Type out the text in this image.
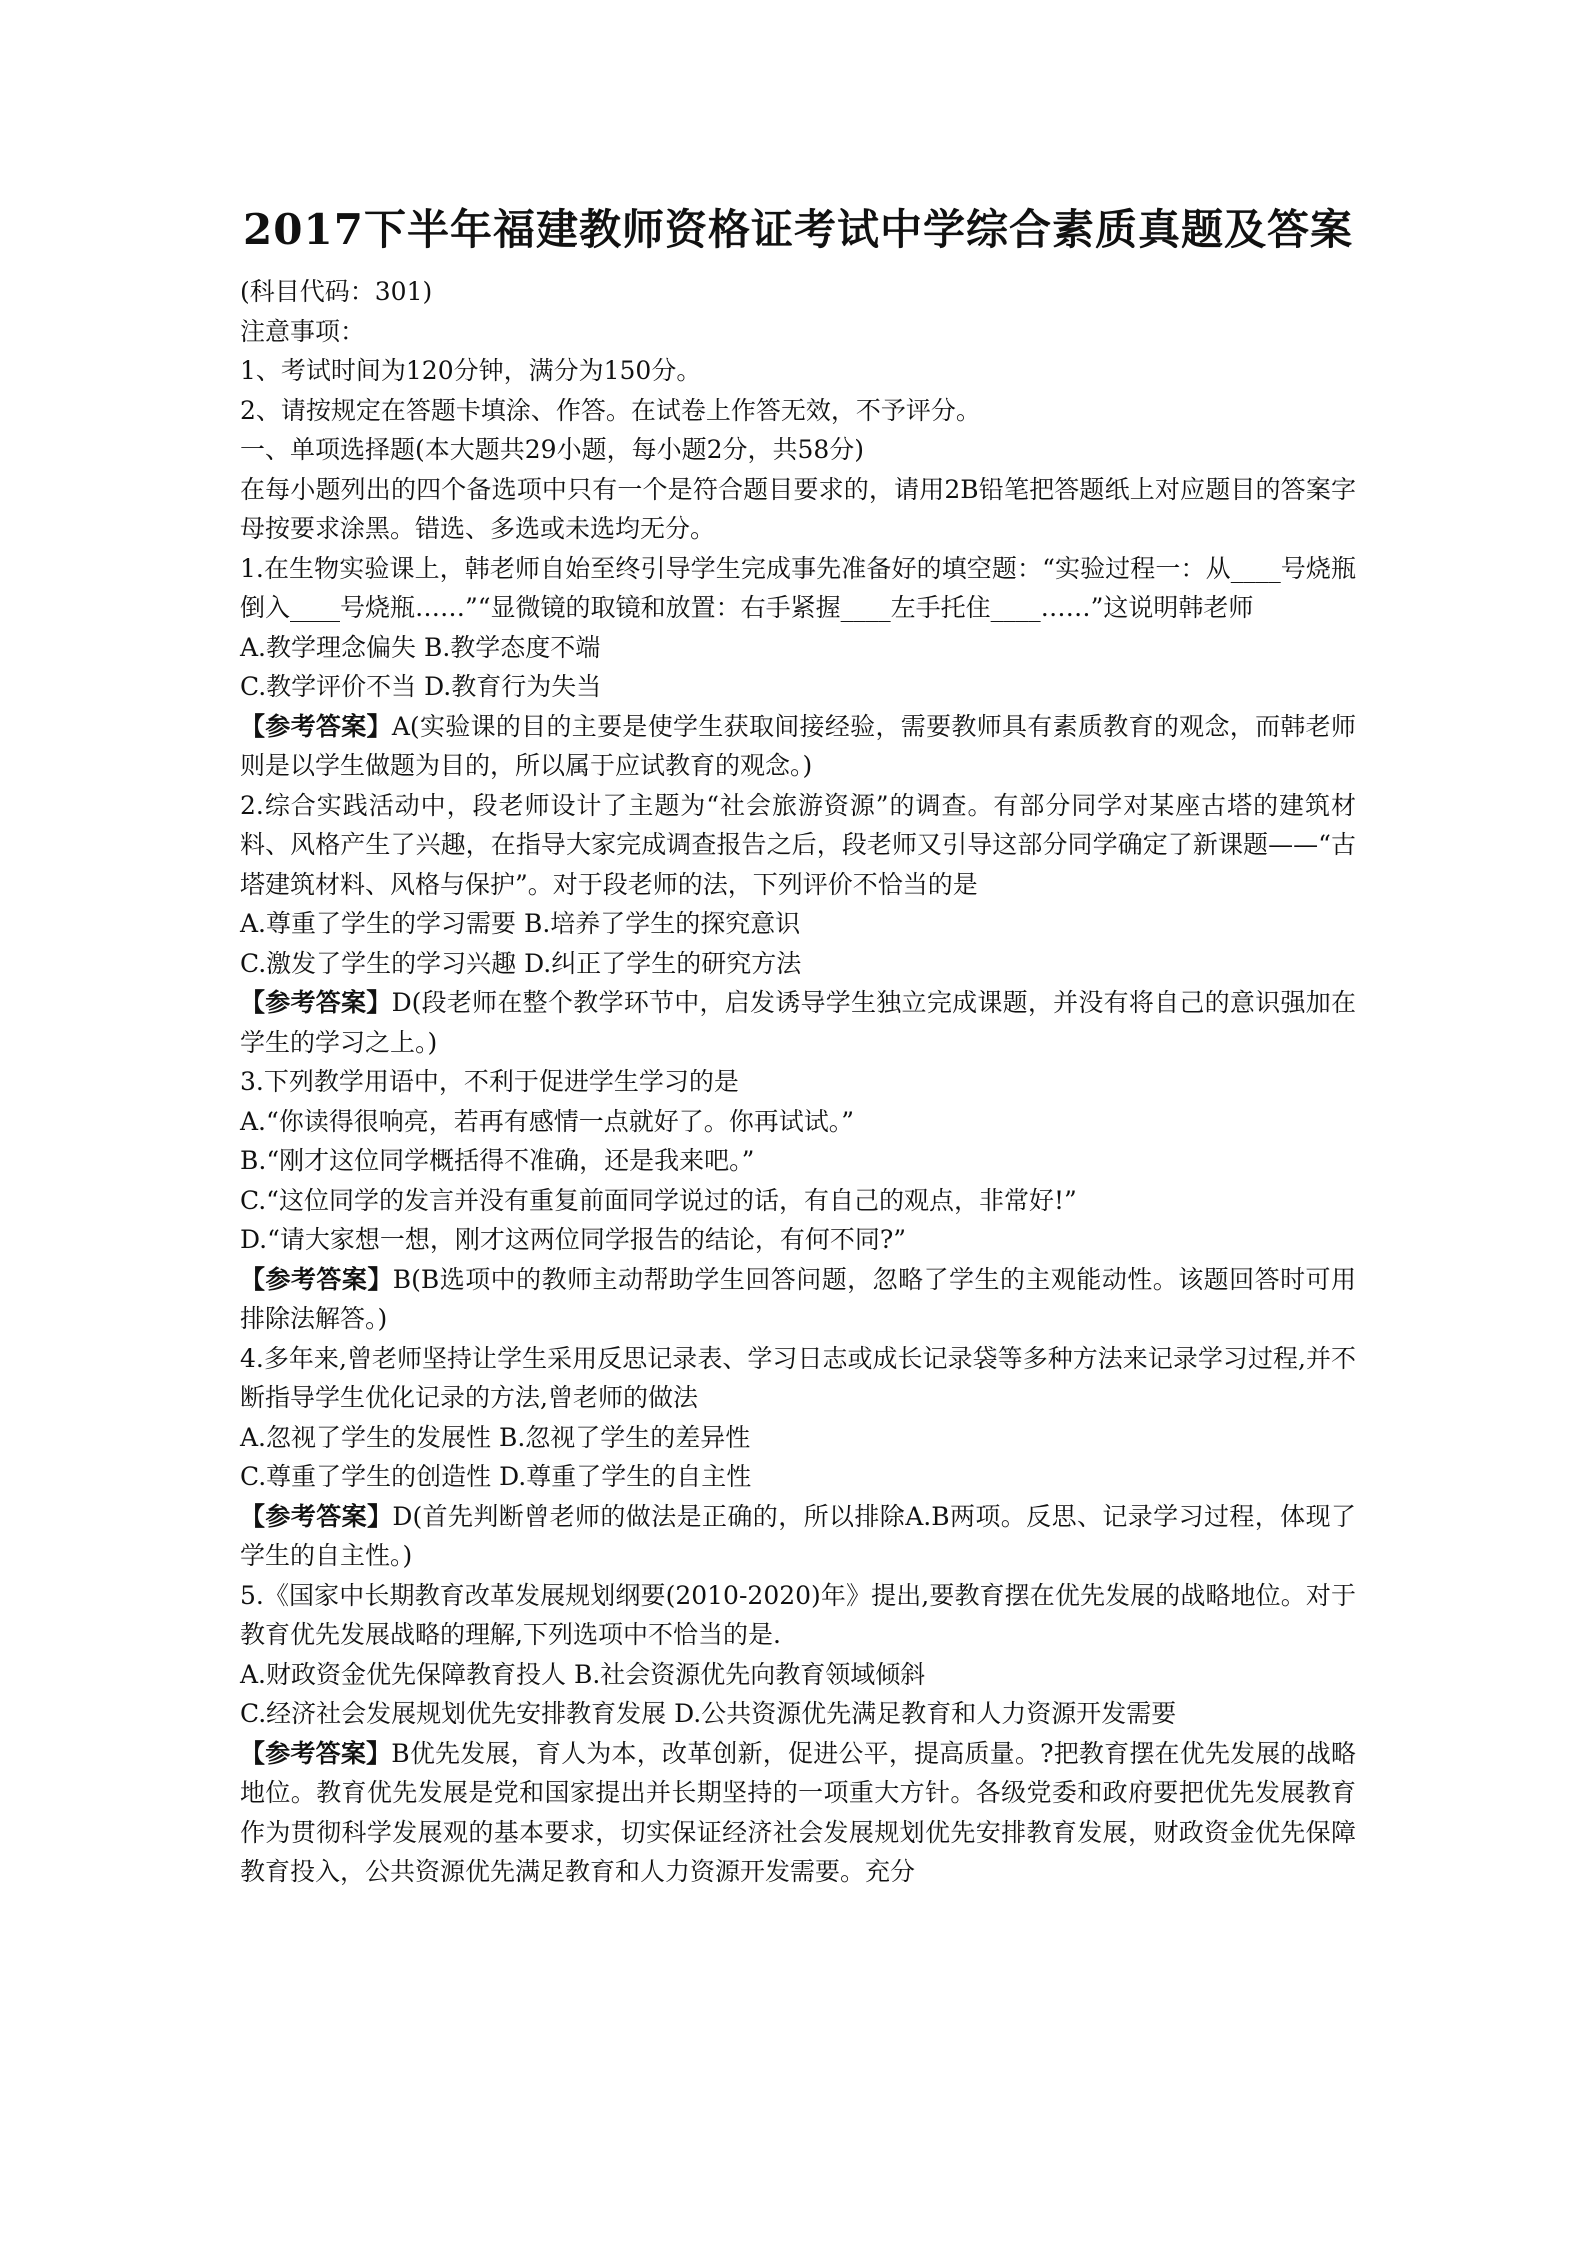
2017下半年福建教师资格证考试中学综合素质真题及答案

(科目代码：301)

注意事项：

1、考试时间为120分钟，满分为150分。

2、请按规定在答题卡填涂、作答。在试卷上作答无效，不予评分。

一、单项选择题(本大题共29小题，每小题2分，共58分)

在每小题列出的四个备选项中只有一个是符合题目要求的，请用2B铅笔把答题纸上对应题目的答案字母按要求涂黑。错选、多选或未选均无分。

1.在生物实验课上，韩老师自始至终引导学生完成事先准备好的填空题：“实验过程一：从____号烧瓶倒入____号烧瓶……”“显微镜的取镜和放置：右手紧握____左手托住____……”这说明韩老师

A.教学理念偏失 B.教学态度不端

C.教学评价不当 D.教育行为失当

【参考答案】A(实验课的目的主要是使学生获取间接经验，需要教师具有素质教育的观念，而韩老师则是以学生做题为目的，所以属于应试教育的观念。)

2.综合实践活动中，段老师设计了主题为“社会旅游资源”的调查。有部分同学对某座古塔的建筑材料、风格产生了兴趣，在指导大家完成调查报告之后，段老师又引导这部分同学确定了新课题——“古塔建筑材料、风格与保护”。对于段老师的法，下列评价不恰当的是

A.尊重了学生的学习需要 B.培养了学生的探究意识

C.激发了学生的学习兴趣 D.纠正了学生的研究方法

【参考答案】D(段老师在整个教学环节中，启发诱导学生独立完成课题，并没有将自己的意识强加在学生的学习之上。)

3.下列教学用语中，不利于促进学生学习的是

A.“你读得很响亮，若再有感情一点就好了。你再试试。”

B.“刚才这位同学概括得不准确，还是我来吧。”

C.“这位同学的发言并没有重复前面同学说过的话，有自己的观点，非常好!”

D.“请大家想一想，刚才这两位同学报告的结论，有何不同?”

【参考答案】B(B选项中的教师主动帮助学生回答问题，忽略了学生的主观能动性。该题回答时可用排除法解答。)

4.多年来,曾老师坚持让学生采用反思记录表、学习日志或成长记录袋等多种方法来记录学习过程,并不断指导学生优化记录的方法,曾老师的做法

A.忽视了学生的发展性 B.忽视了学生的差异性

C.尊重了学生的创造性 D.尊重了学生的自主性

【参考答案】D(首先判断曾老师的做法是正确的，所以排除A.B两项。反思、记录学习过程，体现了学生的自主性。)

5.《国家中长期教育改革发展规划纲要(2010-2020)年》提出,要教育摆在优先发展的战略地位。对于教育优先发展战略的理解,下列选项中不恰当的是.

A.财政资金优先保障教育投人 B.社会资源优先向教育领域倾斜

C.经济社会发展规划优先安排教育发展 D.公共资源优先满足教育和人力资源开发需要

【参考答案】B优先发展，育人为本，改革创新，促进公平，提高质量。?把教育摆在优先发展的战略地位。教育优先发展是党和国家提出并长期坚持的一项重大方针。各级党委和政府要把优先发展教育作为贯彻科学发展观的基本要求，切实保证经济社会发展规划优先安排教育发展，财政资金优先保障教育投入，公共资源优先满足教育和人力资源开发需要。充分
